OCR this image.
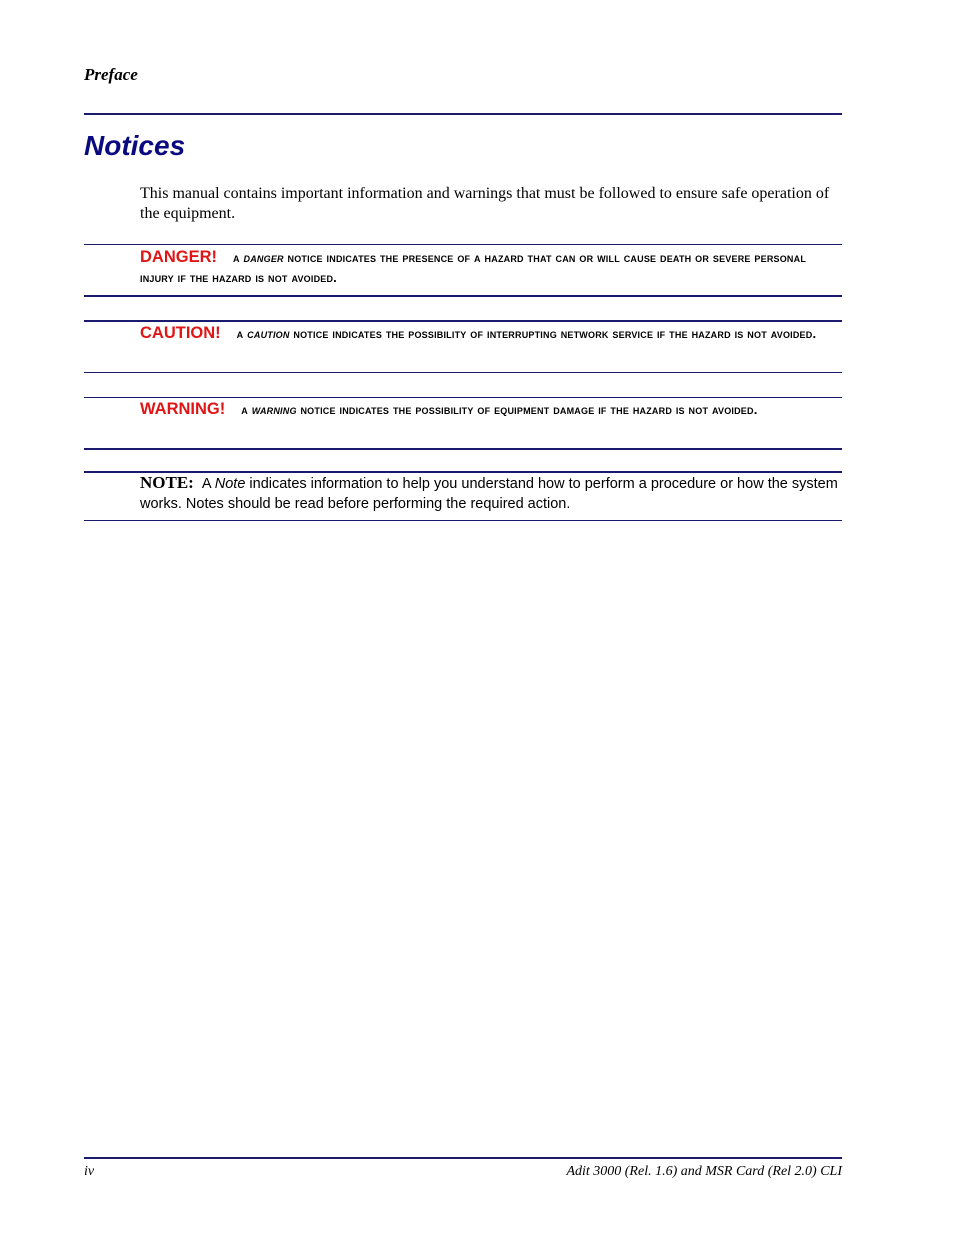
Preface
Notices
This manual contains important information and warnings that must be followed to ensure safe operation of the equipment.
DANGER! a danger notice indicates the presence of a hazard that can or will cause death or severe personal injury if the hazard is not avoided.
CAUTION! a caution notice indicates the possibility of interrupting network service if the hazard is not avoided.
WARNING! a warning notice indicates the possibility of equipment damage if the hazard is not avoided.
NOTE: A Note indicates information to help you understand how to perform a procedure or how the system works. Notes should be read before performing the required action.
iv	Adit 3000 (Rel. 1.6) and MSR Card (Rel 2.0) CLI
